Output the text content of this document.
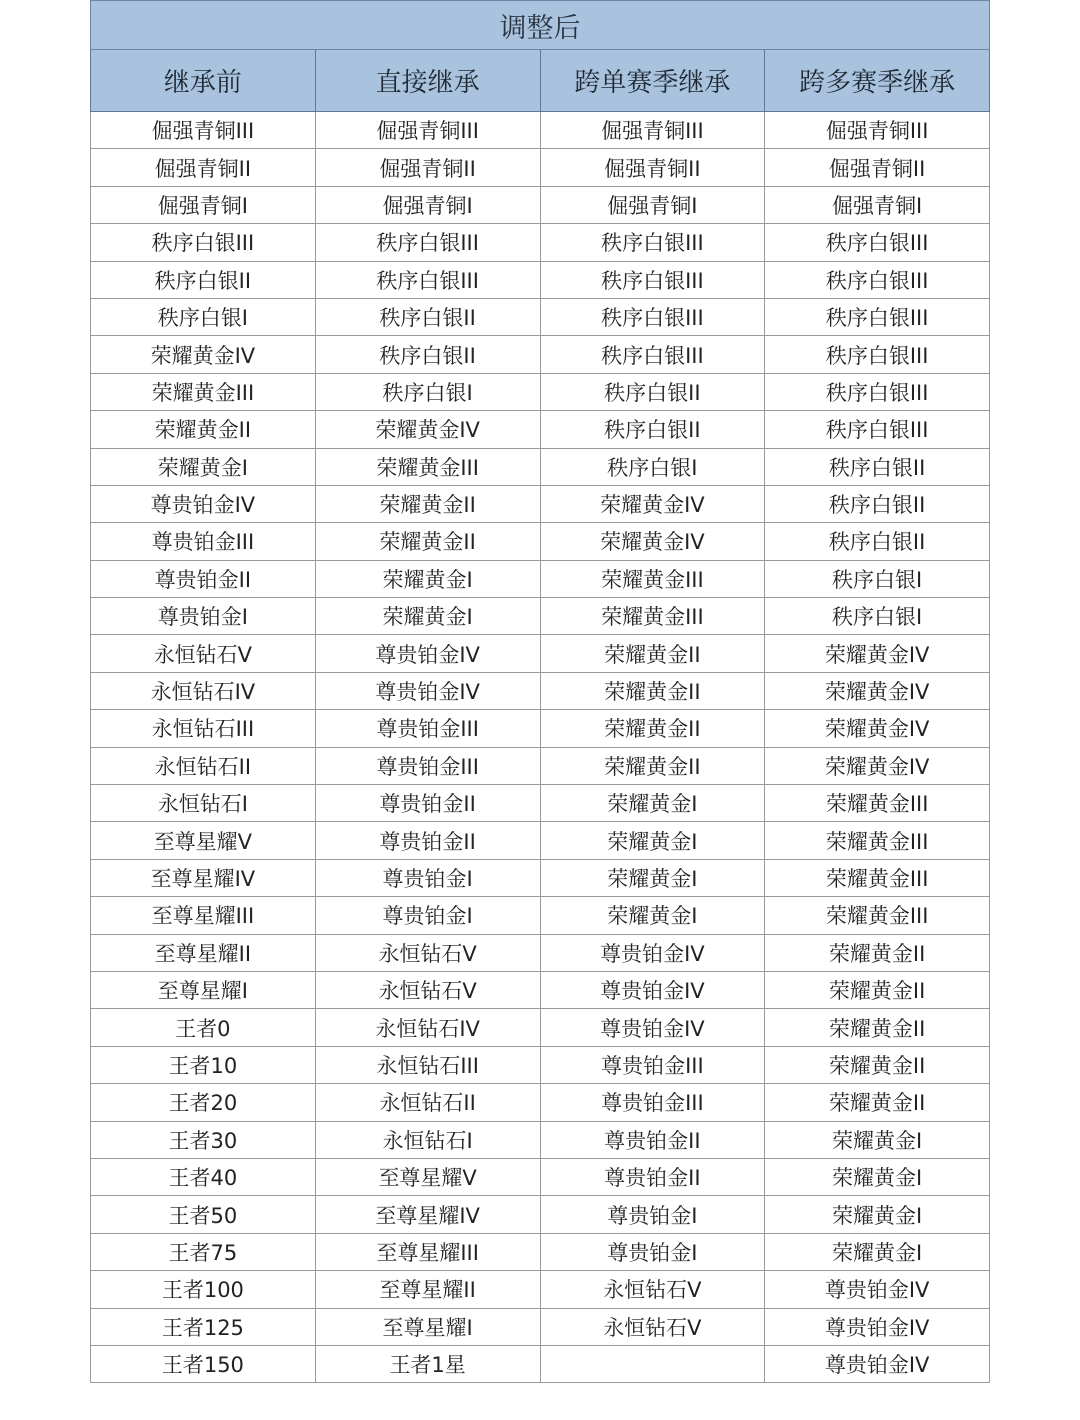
调整后			
继承前	直接继承	跨单赛季继承	跨多赛季继承
倔强青铜III	倔强青铜III	倔强青铜III	倔强青铜III
倔强青铜II	倔强青铜II	倔强青铜II	倔强青铜II
倔强青铜I	倔强青铜I	倔强青铜I	倔强青铜I
秩序白银III	秩序白银III	秩序白银III	秩序白银III
秩序白银II	秩序白银III	秩序白银III	秩序白银III
秩序白银I	秩序白银II	秩序白银III	秩序白银III
荣耀黄金IV	秩序白银II	秩序白银III	秩序白银III
荣耀黄金III	秩序白银I	秩序白银II	秩序白银III
荣耀黄金II	荣耀黄金IV	秩序白银II	秩序白银III
荣耀黄金I	荣耀黄金III	秩序白银I	秩序白银II
尊贵铂金IV	荣耀黄金II	荣耀黄金IV	秩序白银II
尊贵铂金III	荣耀黄金II	荣耀黄金IV	秩序白银II
尊贵铂金II	荣耀黄金I	荣耀黄金III	秩序白银I
尊贵铂金I	荣耀黄金I	荣耀黄金III	秩序白银I
永恒钻石V	尊贵铂金IV	荣耀黄金II	荣耀黄金IV
永恒钻石IV	尊贵铂金IV	荣耀黄金II	荣耀黄金IV
永恒钻石III	尊贵铂金III	荣耀黄金II	荣耀黄金IV
永恒钻石II	尊贵铂金III	荣耀黄金II	荣耀黄金IV
永恒钻石I	尊贵铂金II	荣耀黄金I	荣耀黄金III
至尊星耀V	尊贵铂金II	荣耀黄金I	荣耀黄金III
至尊星耀IV	尊贵铂金I	荣耀黄金I	荣耀黄金III
至尊星耀III	尊贵铂金I	荣耀黄金I	荣耀黄金III
至尊星耀II	永恒钻石V	尊贵铂金IV	荣耀黄金II
至尊星耀I	永恒钻石V	尊贵铂金IV	荣耀黄金II
王者0	永恒钻石IV	尊贵铂金IV	荣耀黄金II
王者10	永恒钻石III	尊贵铂金III	荣耀黄金II
王者20	永恒钻石II	尊贵铂金III	荣耀黄金II
王者30	永恒钻石I	尊贵铂金II	荣耀黄金I
王者40	至尊星耀V	尊贵铂金II	荣耀黄金I
王者50	至尊星耀IV	尊贵铂金I	荣耀黄金I
王者75	至尊星耀III	尊贵铂金I	荣耀黄金I
王者100	至尊星耀II	永恒钻石V	尊贵铂金IV
王者125	至尊星耀I	永恒钻石V	尊贵铂金IV
王者150	王者1星		尊贵铂金IV
